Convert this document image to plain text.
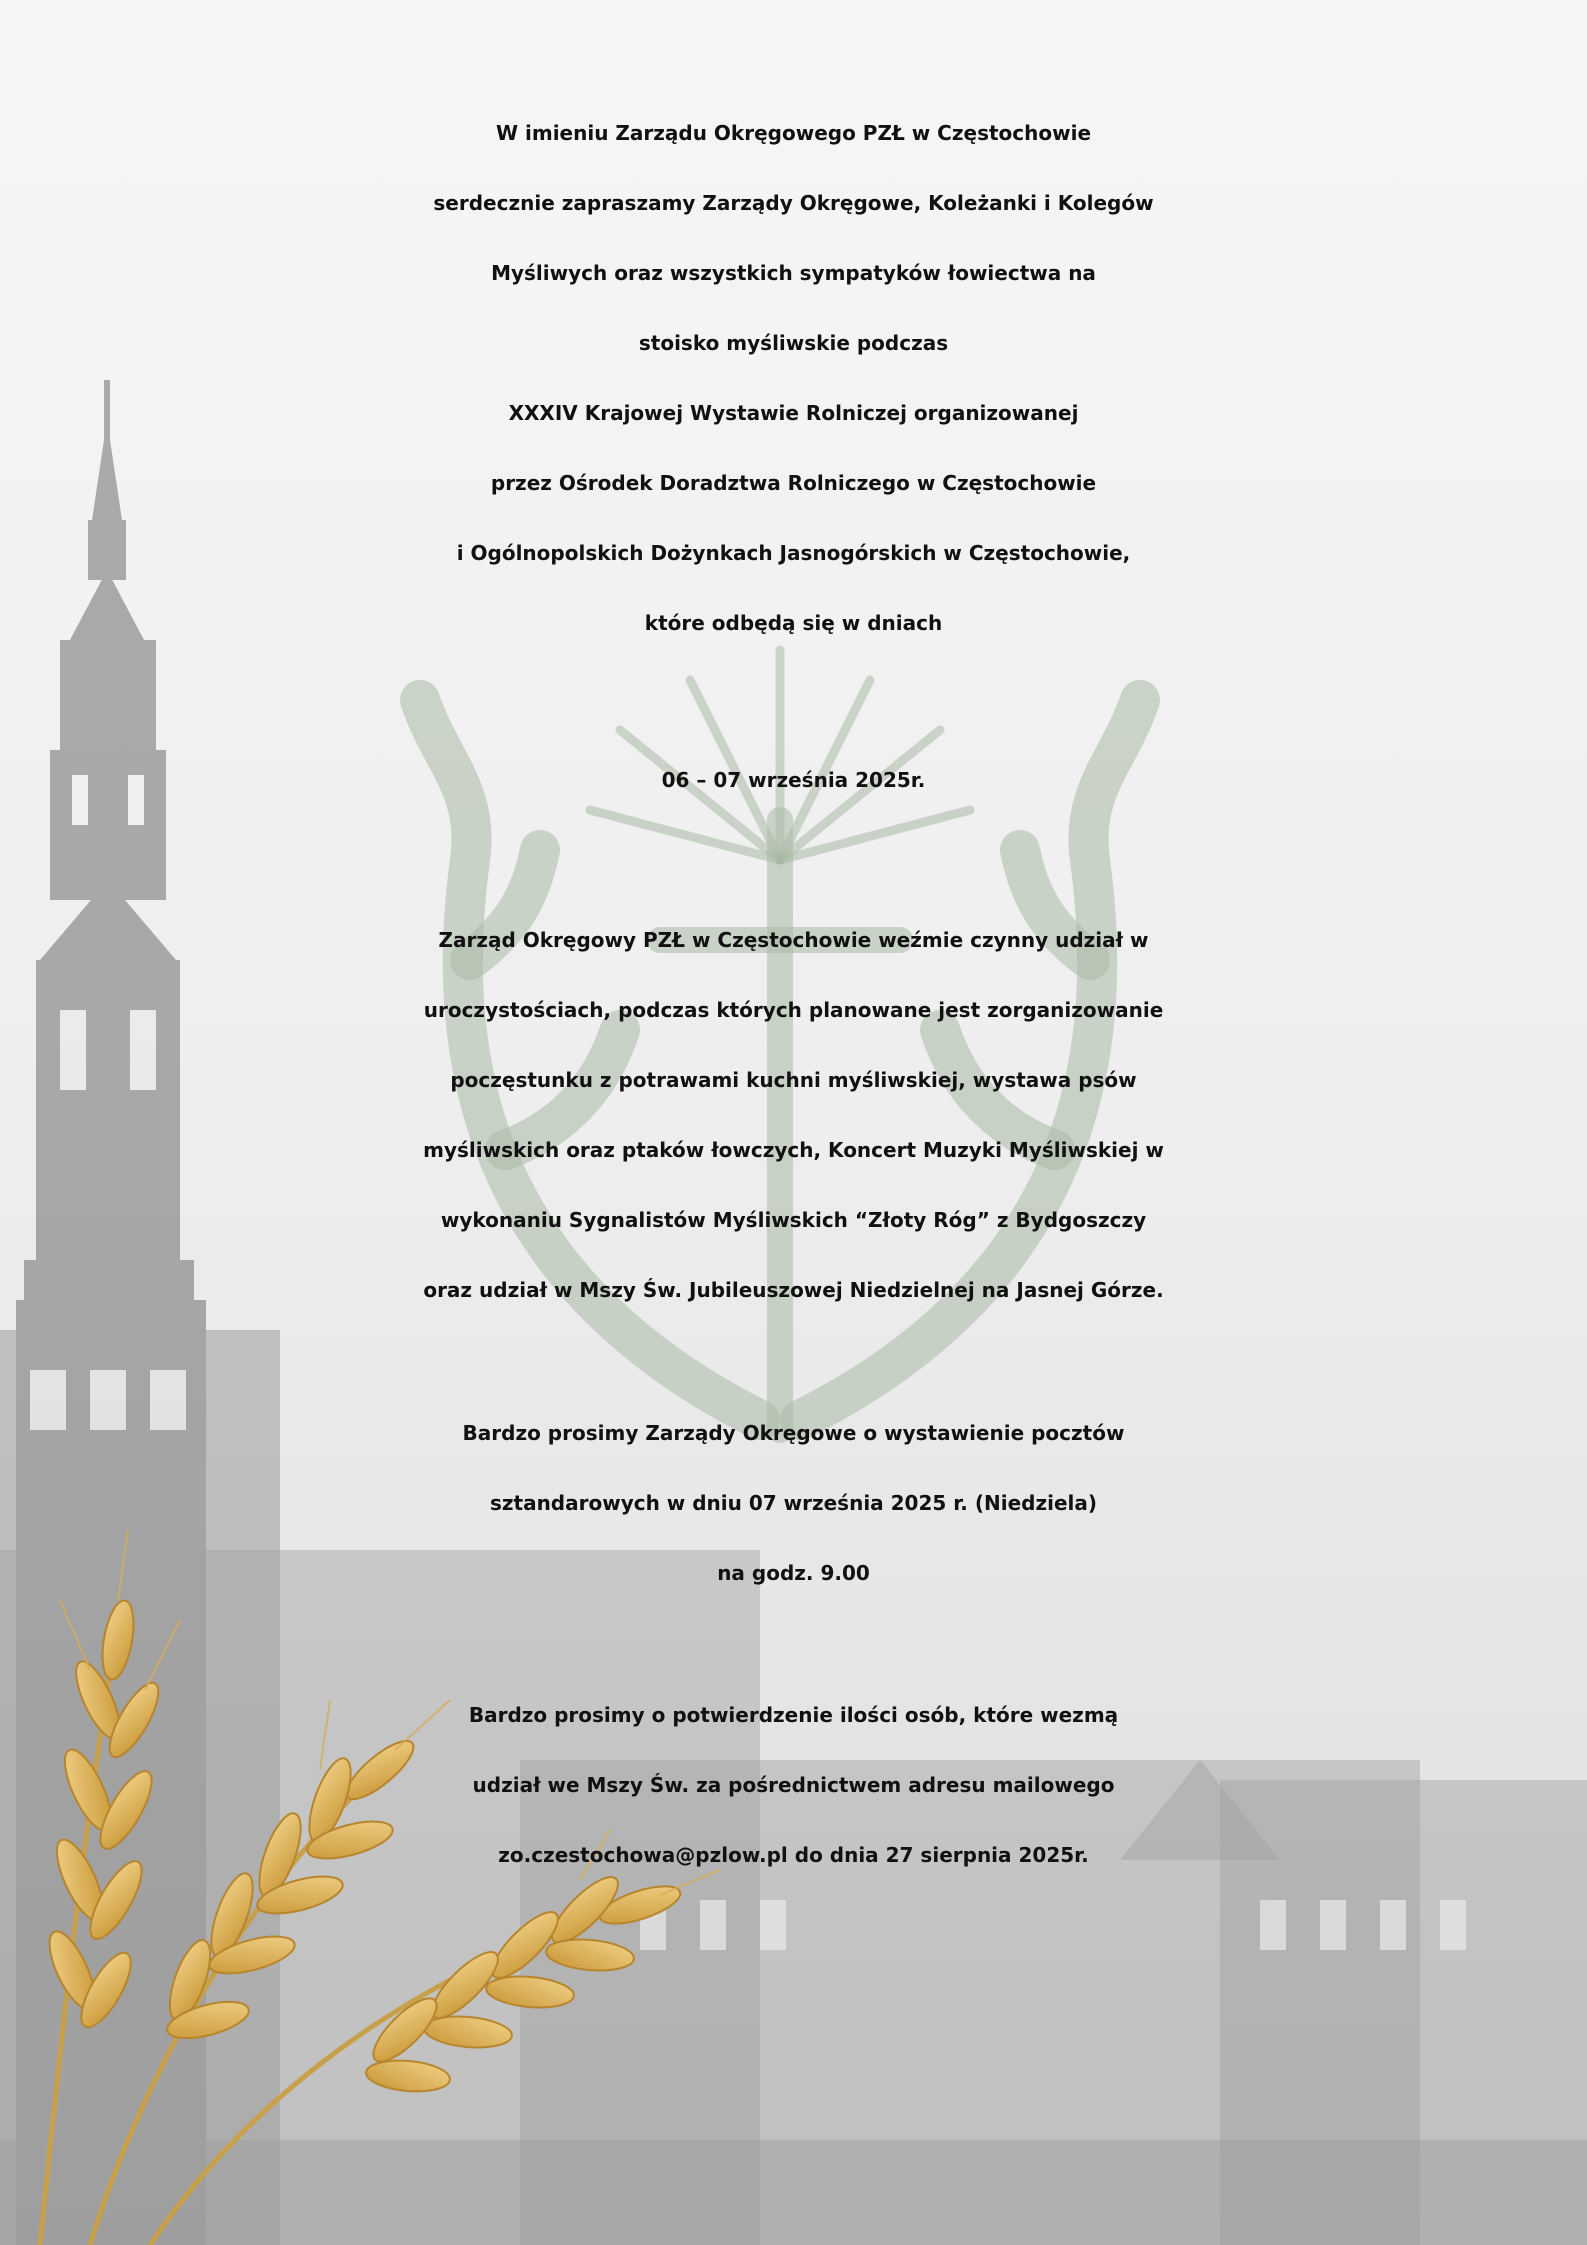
W imieniu Zarządu Okręgowego PZŁ w Częstochowie
serdecznie zapraszamy Zarządy Okręgowe, Koleżanki i Kolegów
Myśliwych oraz wszystkich sympatyków łowiectwa na
stoisko myśliwskie podczas
XXXIV Krajowej Wystawie Rolniczej organizowanej
przez Ośrodek Doradztwa Rolniczego w Częstochowie
i Ogólnopolskich Dożynkach Jasnogórskich w Częstochowie,
które odbędą się w dniach
06 – 07 września 2025r.
Zarząd Okręgowy PZŁ w Częstochowie weźmie czynny udział w
uroczystościach, podczas których planowane jest zorganizowanie
poczęstunku z potrawami kuchni myśliwskiej, wystawa psów
myśliwskich oraz ptaków łowczych, Koncert Muzyki Myśliwskiej w
wykonaniu Sygnalistów Myśliwskich “Złoty Róg” z Bydgoszczy
oraz udział w Mszy Św. Jubileuszowej Niedzielnej na Jasnej Górze.
Bardzo prosimy Zarządy Okręgowe o wystawienie pocztów
sztandarowych w dniu 07 września 2025 r. (Niedziela)
na godz. 9.00
Bardzo prosimy o potwierdzenie ilości osób, które wezmą
udział we Mszy Św. za pośrednictwem adresu mailowego
zo.czestochowa@pzlow.pl do dnia 27 sierpnia 2025r.
